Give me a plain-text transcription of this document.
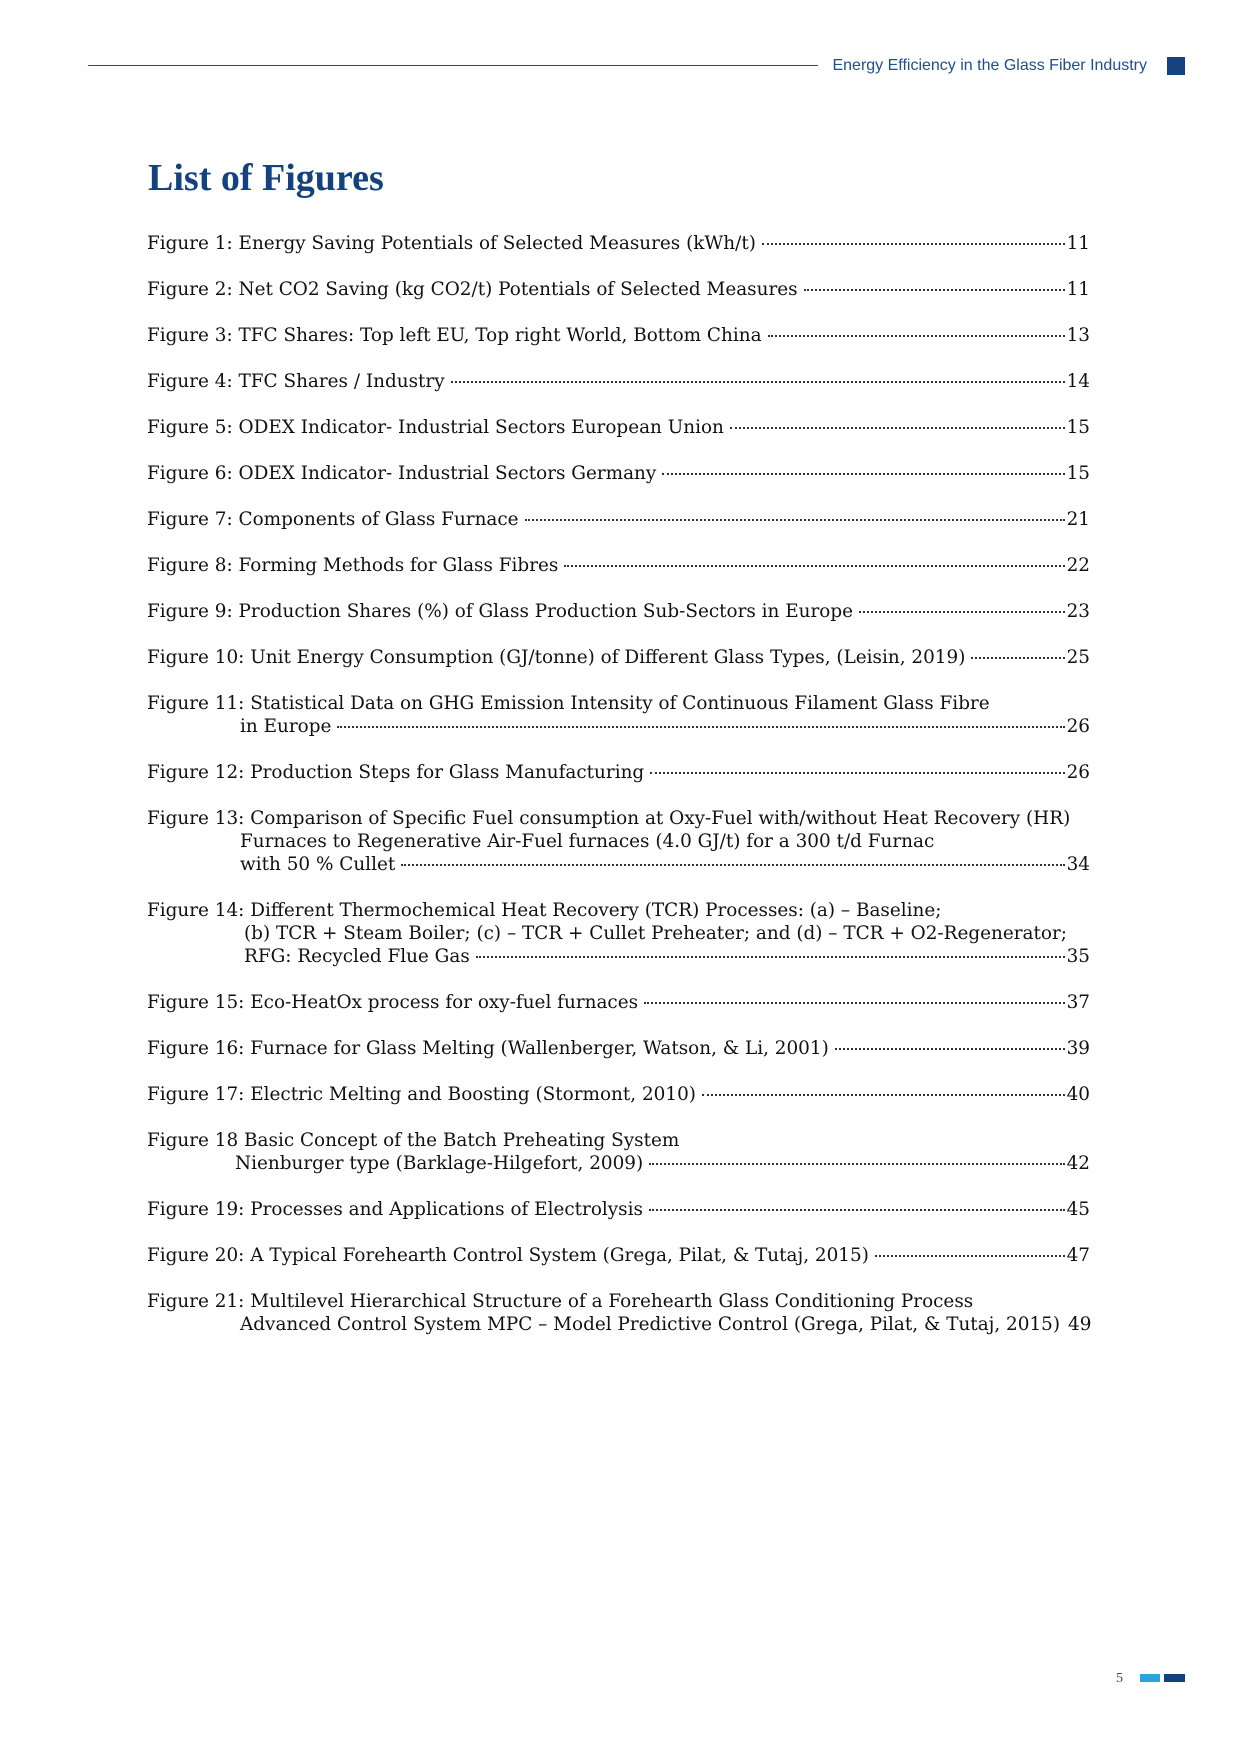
Energy Efficiency in the Glass Fiber Industry
List of Figures
Figure 1: Energy Saving Potentials of Selected Measures (kWh/t)	11
Figure 2: Net CO2 Saving (kg CO2/t) Potentials of Selected Measures	11
Figure 3: TFC Shares: Top left EU, Top right World, Bottom China	13
Figure 4: TFC Shares / Industry	14
Figure 5: ODEX Indicator- Industrial Sectors European Union	15
Figure 6: ODEX Indicator- Industrial Sectors Germany	15
Figure 7: Components of Glass Furnace	21
Figure 8: Forming Methods for Glass Fibres	22
Figure 9: Production Shares (%) of Glass Production Sub-Sectors in Europe	23
Figure 10: Unit Energy Consumption (GJ/tonne) of Different Glass Types, (Leisin, 2019)	25
Figure 11: Statistical Data on GHG Emission Intensity of Continuous Filament Glass Fibre
in Europe	26
Figure 12: Production Steps for Glass Manufacturing	26
Figure 13: Comparison of Specific Fuel consumption at Oxy-Fuel with/without Heat Recovery (HR)
Furnaces to Regenerative Air-Fuel furnaces (4.0 GJ/t) for a 300 t/d Furnac
with 50 % Cullet	34
Figure 14: Different Thermochemical Heat Recovery (TCR) Processes: (a) – Baseline;
(b) TCR + Steam Boiler; (c) – TCR + Cullet Preheater; and (d) – TCR + O2-Regenerator;
RFG: Recycled Flue Gas	35
Figure 15: Eco-HeatOx process for oxy-fuel furnaces	37
Figure 16: Furnace for Glass Melting (Wallenberger, Watson, & Li, 2001)	39
Figure 17: Electric Melting and Boosting (Stormont, 2010)	40
Figure 18 Basic Concept of the Batch Preheating System
Nienburger type (Barklage-Hilgefort, 2009)	42
Figure 19: Processes and Applications of Electrolysis	45
Figure 20: A Typical Forehearth Control System (Grega, Pilat, & Tutaj, 2015)	47
Figure 21: Multilevel Hierarchical Structure of a Forehearth Glass Conditioning Process
Advanced Control System MPC – Model Predictive Control (Grega, Pilat, & Tutaj, 2015) 49
5
